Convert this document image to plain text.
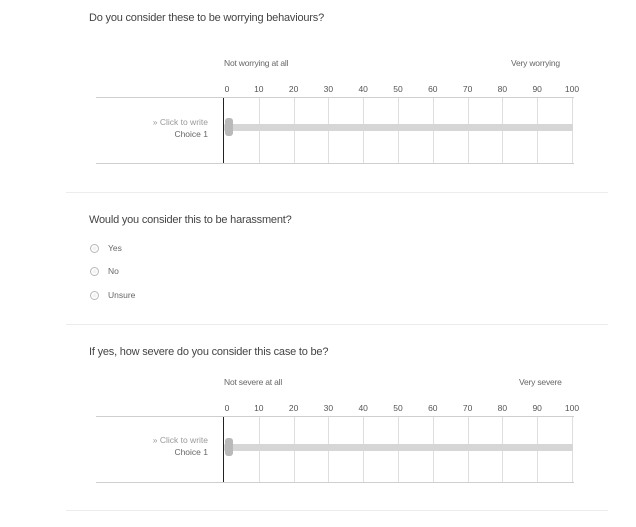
Do you consider these to be worrying behaviours?
Not worrying at all	Very worrying
0	10	20	30	40	50	60	70	80	90	100
» Click to write
Choice 1
Would you consider this to be harassment?
Yes
No
Unsure
If yes, how severe do you consider this case to be?
Not severe at all	Very severe
0	10	20	30	40	50	60	70	80	90	100
» Click to write
Choice 1
